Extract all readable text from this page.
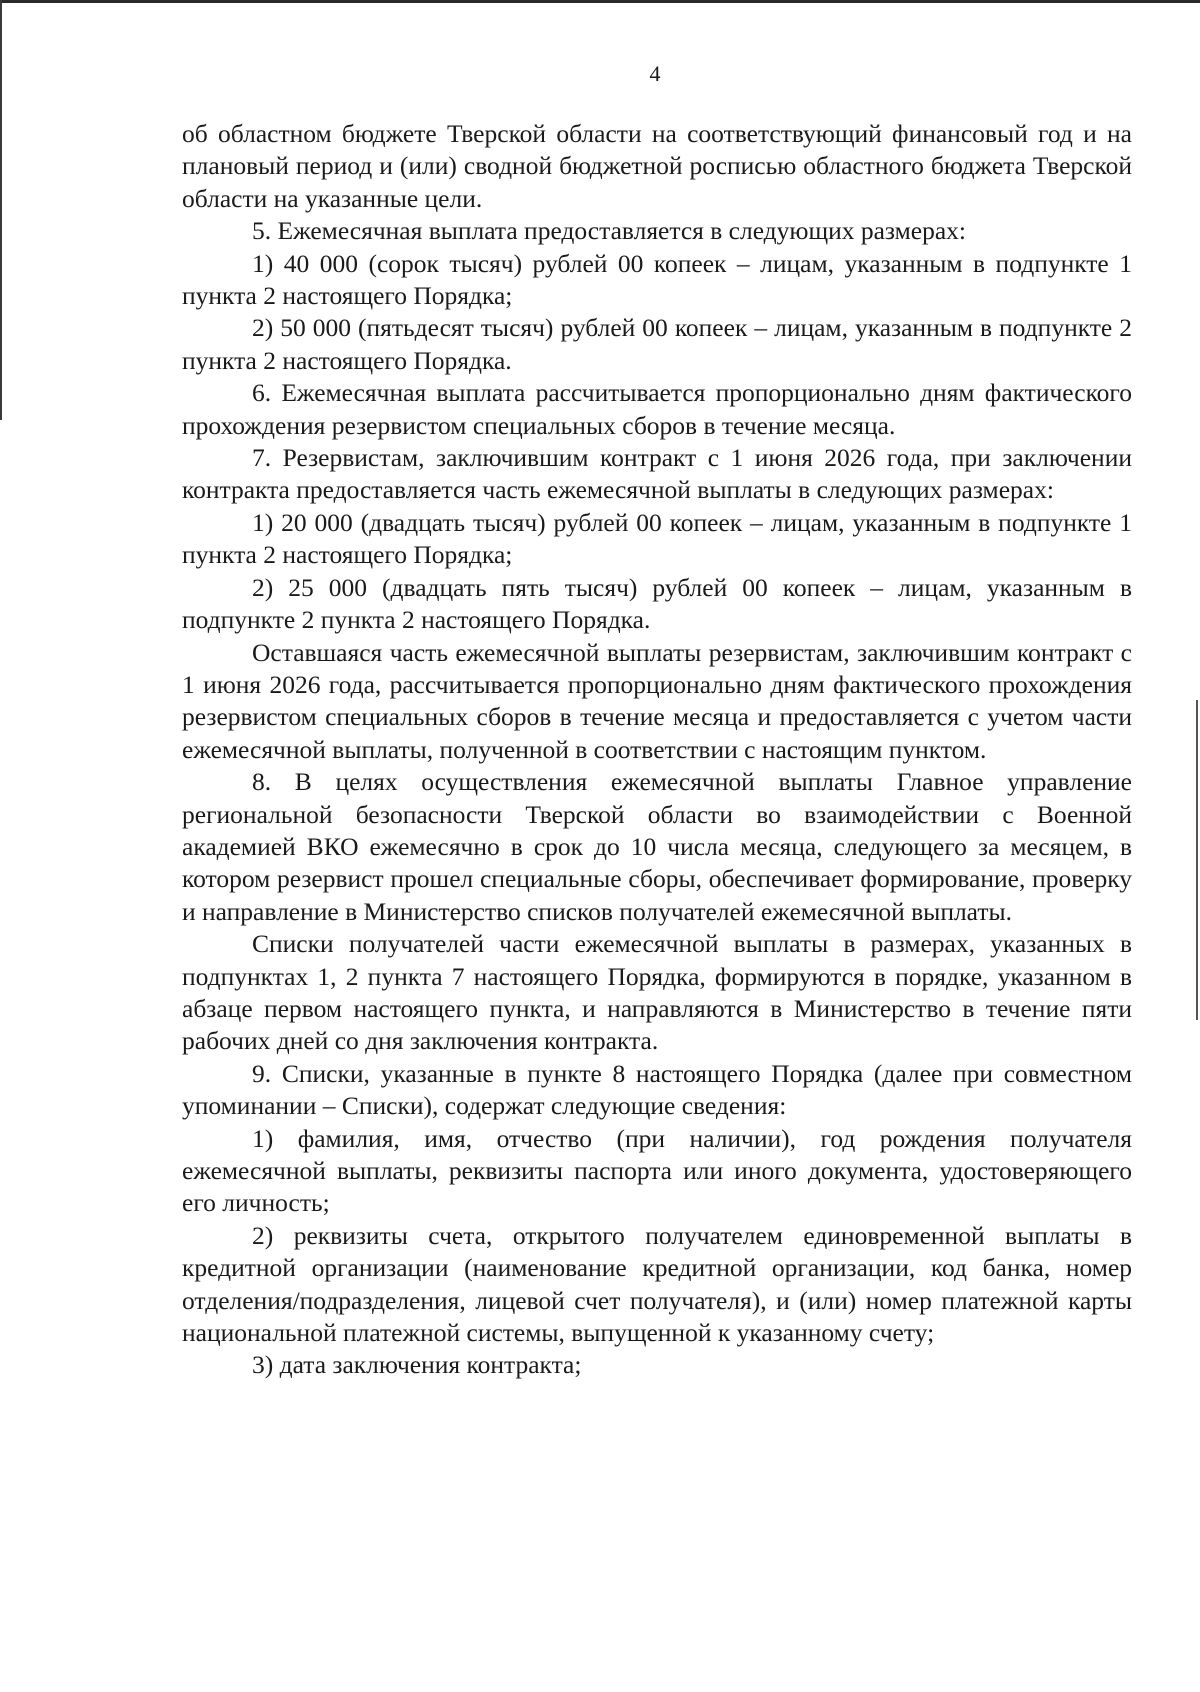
4

об областном бюджете Тверской области на соответствующий финансовый год и на плановый период и (или) сводной бюджетной росписью областного бюджета Тверской области на указанные цели.

5. Ежемесячная выплата предоставляется в следующих размерах:

1) 40 000 (сорок тысяч) рублей 00 копеек – лицам, указанным в подпункте 1 пункта 2 настоящего Порядка;

2) 50 000 (пятьдесят тысяч) рублей 00 копеек – лицам, указанным в подпункте 2 пункта 2 настоящего Порядка.

6. Ежемесячная выплата рассчитывается пропорционально дням фактического прохождения резервистом специальных сборов в течение месяца.

7. Резервистам, заключившим контракт с 1 июня 2026 года, при заключении контракта предоставляется часть ежемесячной выплаты в следующих размерах:

1) 20 000 (двадцать тысяч) рублей 00 копеек – лицам, указанным в подпункте 1 пункта 2 настоящего Порядка;

2) 25 000 (двадцать пять тысяч) рублей 00 копеек – лицам, указанным в подпункте 2 пункта 2 настоящего Порядка.

Оставшаяся часть ежемесячной выплаты резервистам, заключившим контракт с 1 июня 2026 года, рассчитывается пропорционально дням фактического прохождения резервистом специальных сборов в течение месяца и предоставляется с учетом части ежемесячной выплаты, полученной в соответствии с настоящим пунктом.

8. В целях осуществления ежемесячной выплаты Главное управление региональной безопасности Тверской области во взаимодействии с Военной академией ВКО ежемесячно в срок до 10 числа месяца, следующего за месяцем, в котором резервист прошел специальные сборы, обеспечивает формирование, проверку и направление в Министерство списков получателей ежемесячной выплаты.

Списки получателей части ежемесячной выплаты в размерах, указанных в подпунктах 1, 2 пункта 7 настоящего Порядка, формируются в порядке, указанном в абзаце первом настоящего пункта, и направляются в Министерство в течение пяти рабочих дней со дня заключения контракта.

9. Списки, указанные в пункте 8 настоящего Порядка (далее при совместном упоминании – Списки), содержат следующие сведения:

1) фамилия, имя, отчество (при наличии), год рождения получателя ежемесячной выплаты, реквизиты паспорта или иного документа, удостоверяющего его личность;

2) реквизиты счета, открытого получателем единовременной выплаты в кредитной организации (наименование кредитной организации, код банка, номер отделения/подразделения, лицевой счет получателя), и (или) номер платежной карты национальной платежной системы, выпущенной к указанному счету;

3) дата заключения контракта;
